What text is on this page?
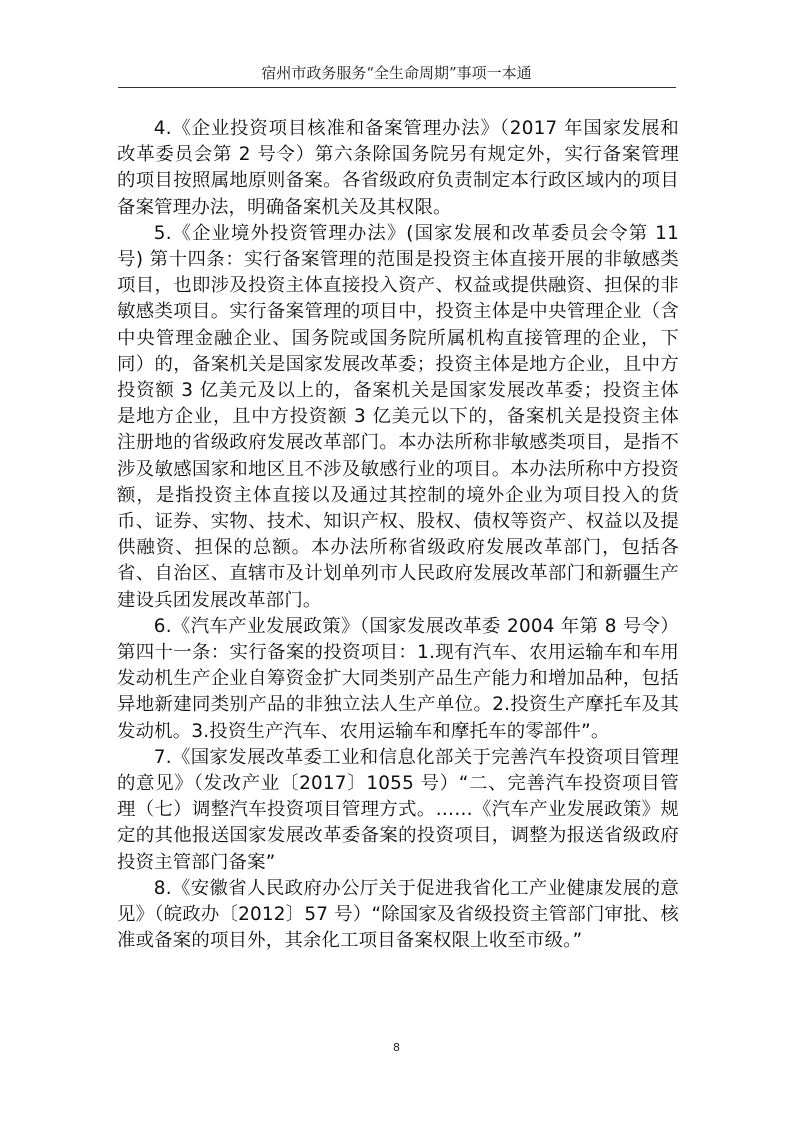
宿州市政务服务“全生命周期”事项一本通

4.《企业投资项目核准和备案管理办法》（2017 年国家发展和改革委员会第 2 号令）第六条除国务院另有规定外，实行备案管理的项目按照属地原则备案。各省级政府负责制定本行政区域内的项目备案管理办法，明确备案机关及其权限。

5.《企业境外投资管理办法》(国家发展和改革委员会令第 11 号) 第十四条：实行备案管理的范围是投资主体直接开展的非敏感类项目，也即涉及投资主体直接投入资产、权益或提供融资、担保的非敏感类项目。实行备案管理的项目中，投资主体是中央管理企业（含中央管理金融企业、国务院或国务院所属机构直接管理的企业，下同）的，备案机关是国家发展改革委；投资主体是地方企业，且中方投资额 3 亿美元及以上的，备案机关是国家发展改革委；投资主体是地方企业，且中方投资额 3 亿美元以下的，备案机关是投资主体注册地的省级政府发展改革部门。本办法所称非敏感类项目，是指不涉及敏感国家和地区且不涉及敏感行业的项目。本办法所称中方投资额，是指投资主体直接以及通过其控制的境外企业为项目投入的货币、证券、实物、技术、知识产权、股权、债权等资产、权益以及提供融资、担保的总额。本办法所称省级政府发展改革部门，包括各省、自治区、直辖市及计划单列市人民政府发展改革部门和新疆生产建设兵团发展改革部门。

6.《汽车产业发展政策》（国家发展改革委 2004 年第 8 号令）第四十一条：实行备案的投资项目：1.现有汽车、农用运输车和车用发动机生产企业自筹资金扩大同类别产品生产能力和增加品种，包括异地新建同类别产品的非独立法人生产单位。2.投资生产摩托车及其发动机。3.投资生产汽车、农用运输车和摩托车的零部件”。

7.《国家发展改革委工业和信息化部关于完善汽车投资项目管理的意见》（发改产业〔2017〕1055 号）“二、完善汽车投资项目管理（七）调整汽车投资项目管理方式。……《汽车产业发展政策》规定的其他报送国家发展改革委备案的投资项目，调整为报送省级政府投资主管部门备案”

8.《安徽省人民政府办公厅关于促进我省化工产业健康发展的意见》（皖政办〔2012〕57 号）“除国家及省级投资主管部门审批、核准或备案的项目外，其余化工项目备案权限上收至市级。”

8
